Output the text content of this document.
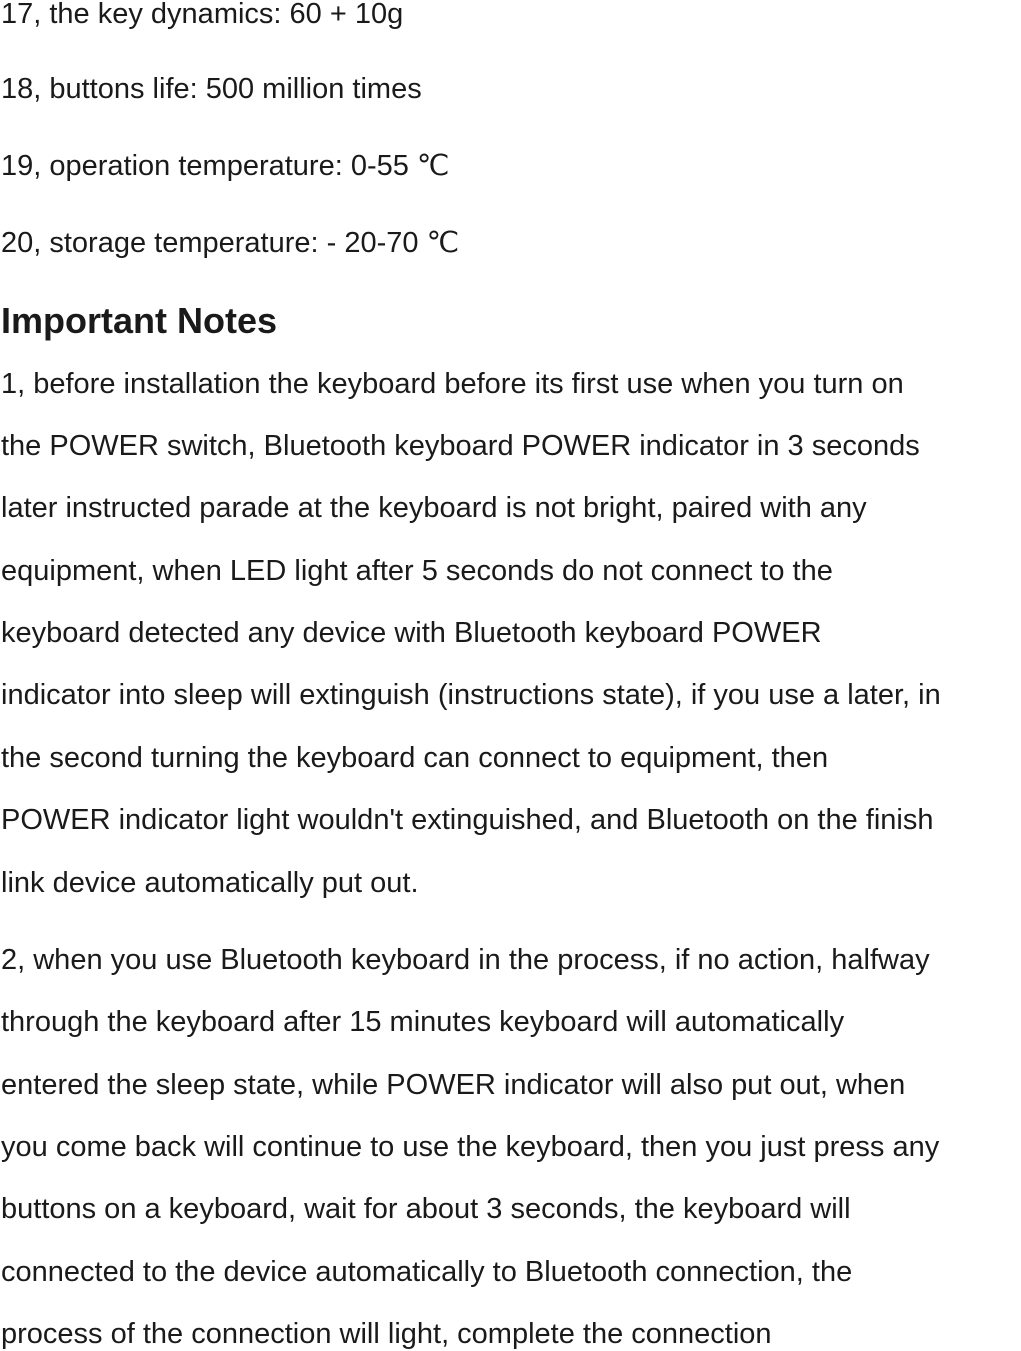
17, the key dynamics: 60 + 10g

18, buttons life: 500 million times

19, operation temperature: 0-55 ℃

20, storage temperature: - 20-70 ℃

Important Notes

1, before installation the keyboard before its first use when you turn on

the POWER switch, Bluetooth keyboard POWER indicator in 3 seconds

later instructed parade at the keyboard is not bright, paired with any

equipment, when LED light after 5 seconds do not connect to the

keyboard detected any device with Bluetooth keyboard POWER

indicator into sleep will extinguish (instructions state), if you use a later, in

the second turning the keyboard can connect to equipment, then

POWER indicator light wouldn't extinguished, and Bluetooth on the finish

link device automatically put out.

2, when you use Bluetooth keyboard in the process, if no action, halfway

through the keyboard after 15 minutes keyboard will automatically

entered the sleep state, while POWER indicator will also put out, when

you come back will continue to use the keyboard, then you just press any

buttons on a keyboard, wait for about 3 seconds, the keyboard will

connected to the device automatically to Bluetooth connection, the

process of the connection will light, complete the connection
